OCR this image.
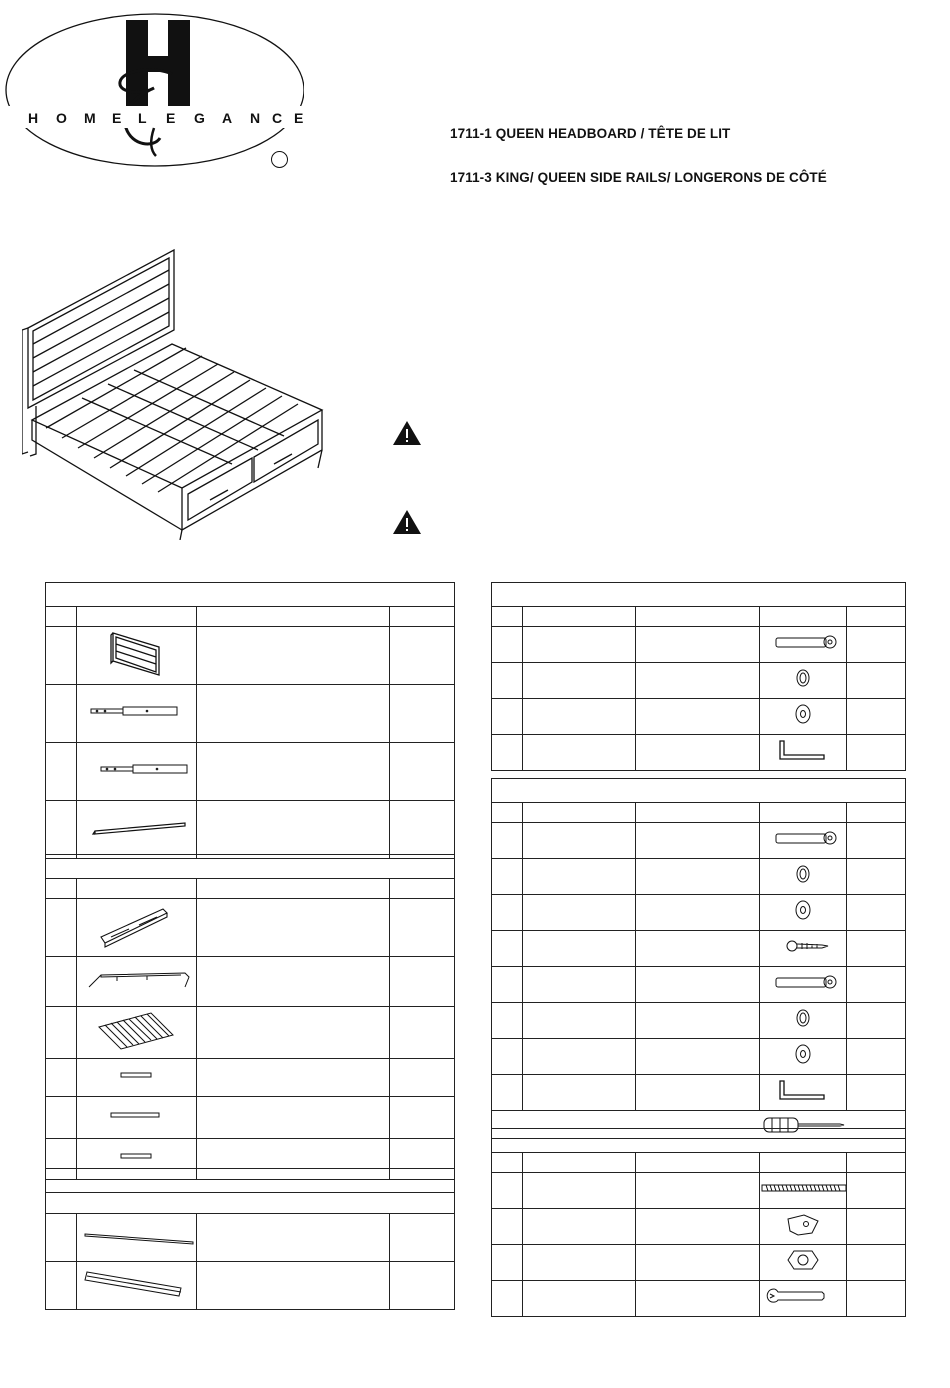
H O M E L E G A N C E
1711-1 QUEEN HEADBOARD / TÊTE DE LIT
1711-3 KING/ QUEEN SIDE RAILS/ LONGERONS DE CÔTÉ
